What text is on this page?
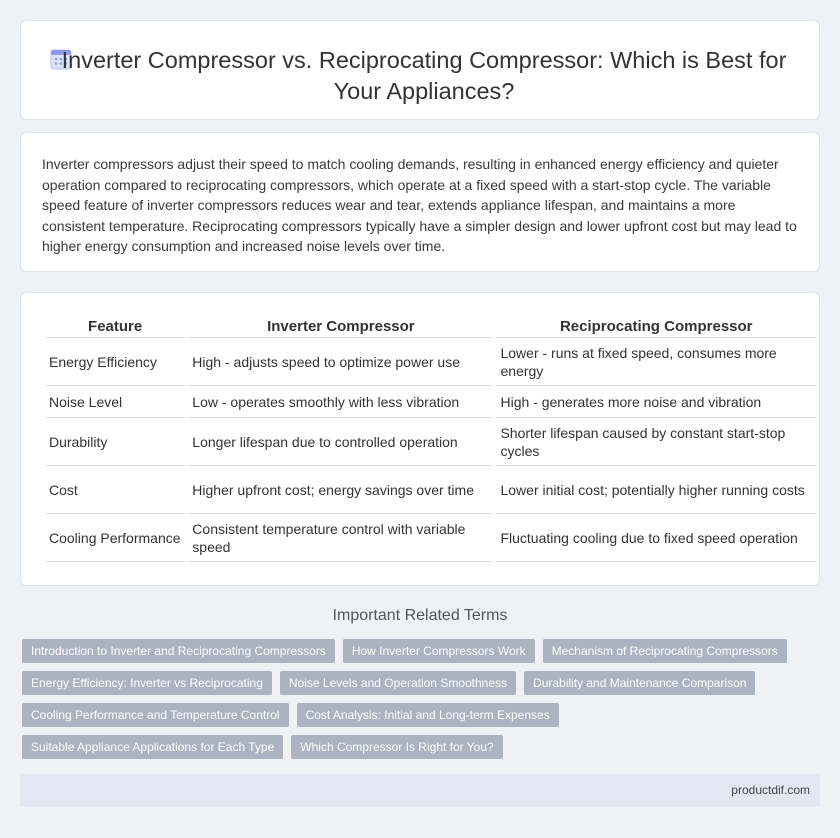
Inverter Compressor vs. Reciprocating Compressor: Which is Best for Your Appliances?

Inverter compressors adjust their speed to match cooling demands, resulting in enhanced energy efficiency and quieter operation compared to reciprocating compressors, which operate at a fixed speed with a start-stop cycle. The variable speed feature of inverter compressors reduces wear and tear, extends appliance lifespan, and maintains a more consistent temperature. Reciprocating compressors typically have a simpler design and lower upfront cost but may lead to higher energy consumption and increased noise levels over time.

Feature	Inverter Compressor	Reciprocating Compressor
Energy Efficiency	High - adjusts speed to optimize power use	Lower - runs at fixed speed, consumes more energy
Noise Level	Low - operates smoothly with less vibration	High - generates more noise and vibration
Durability	Longer lifespan due to controlled operation	Shorter lifespan caused by constant start-stop cycles
Cost	Higher upfront cost; energy savings over time	Lower initial cost; potentially higher running costs
Cooling Performance	Consistent temperature control with variable speed	Fluctuating cooling due to fixed speed operation
Important Related Terms
Introduction to Inverter and Reciprocating Compressors	How Inverter Compressors Work	Mechanism of Reciprocating Compressors
Energy Efficiency: Inverter vs Reciprocating	Noise Levels and Operation Smoothness	Durability and Maintenance Comparison
Cooling Performance and Temperature Control	Cost Analysis: Initial and Long-term Expenses
Suitable Appliance Applications for Each Type	Which Compressor Is Right for You?
productdif.com
